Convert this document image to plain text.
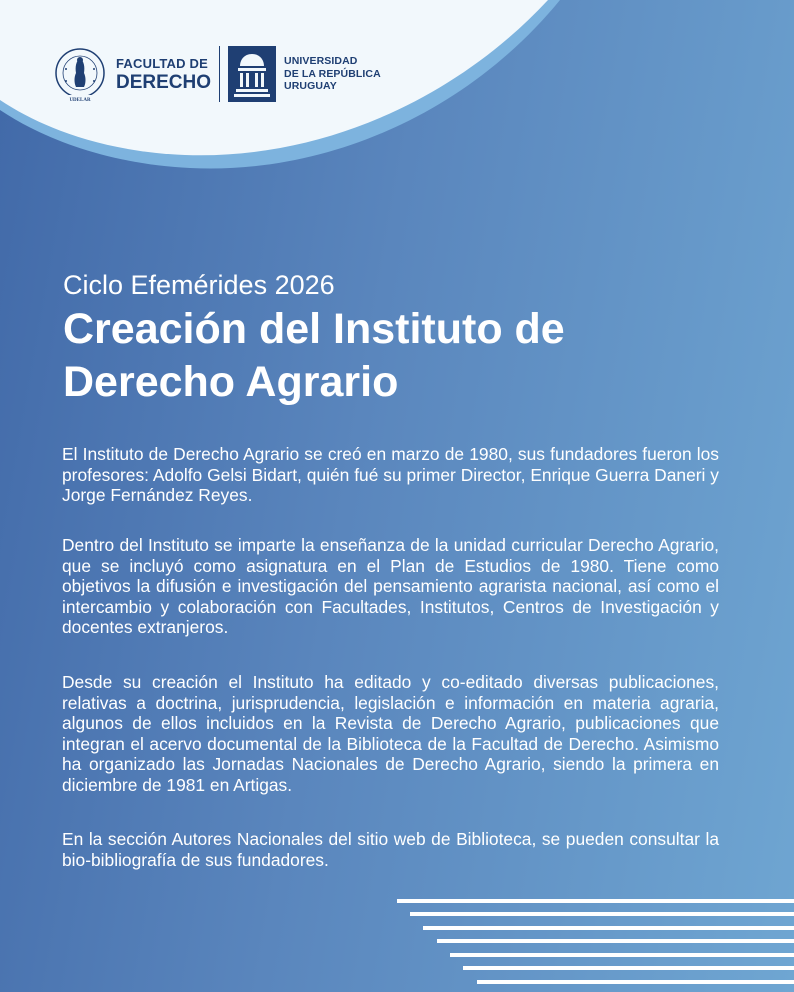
UDELAR
FACULTAD DE
DERECHO
UNIVERSIDAD
DE LA REPÚBLICA
URUGUAY
Ciclo Efemérides 2026
Creación del Instituto de Derecho Agrario

El Instituto de Derecho Agrario se creó en marzo de 1980, sus fundadores fueron los profesores: Adolfo Gelsi Bidart, quién fué su primer Director, Enrique Guerra Daneri y Jorge Fernández Reyes.

Dentro del Instituto se imparte la enseñanza de la unidad curricular Derecho Agrario, que se incluyó como asignatura en el Plan de Estudios de 1980. Tiene como objetivos la difusión e investigación del pensamiento agrarista nacional, así como el intercambio y colaboración con Facultades, Institutos, Centros de Investigación y docentes extranjeros.

Desde su creación el Instituto ha editado y co-editado diversas publicaciones, relativas a doctrina, jurisprudencia, legislación e información en materia agraria, algunos de ellos incluidos en la Revista de Derecho Agrario, publicaciones que integran el acervo documental de la Biblioteca de la Facultad de Derecho. Asimismo ha organizado las Jornadas Nacionales de Derecho Agrario, siendo la primera en diciembre de 1981 en Artigas.

En la sección Autores Nacionales del sitio web de Biblioteca, se pueden consultar la bio-bibliografía de sus fundadores.
